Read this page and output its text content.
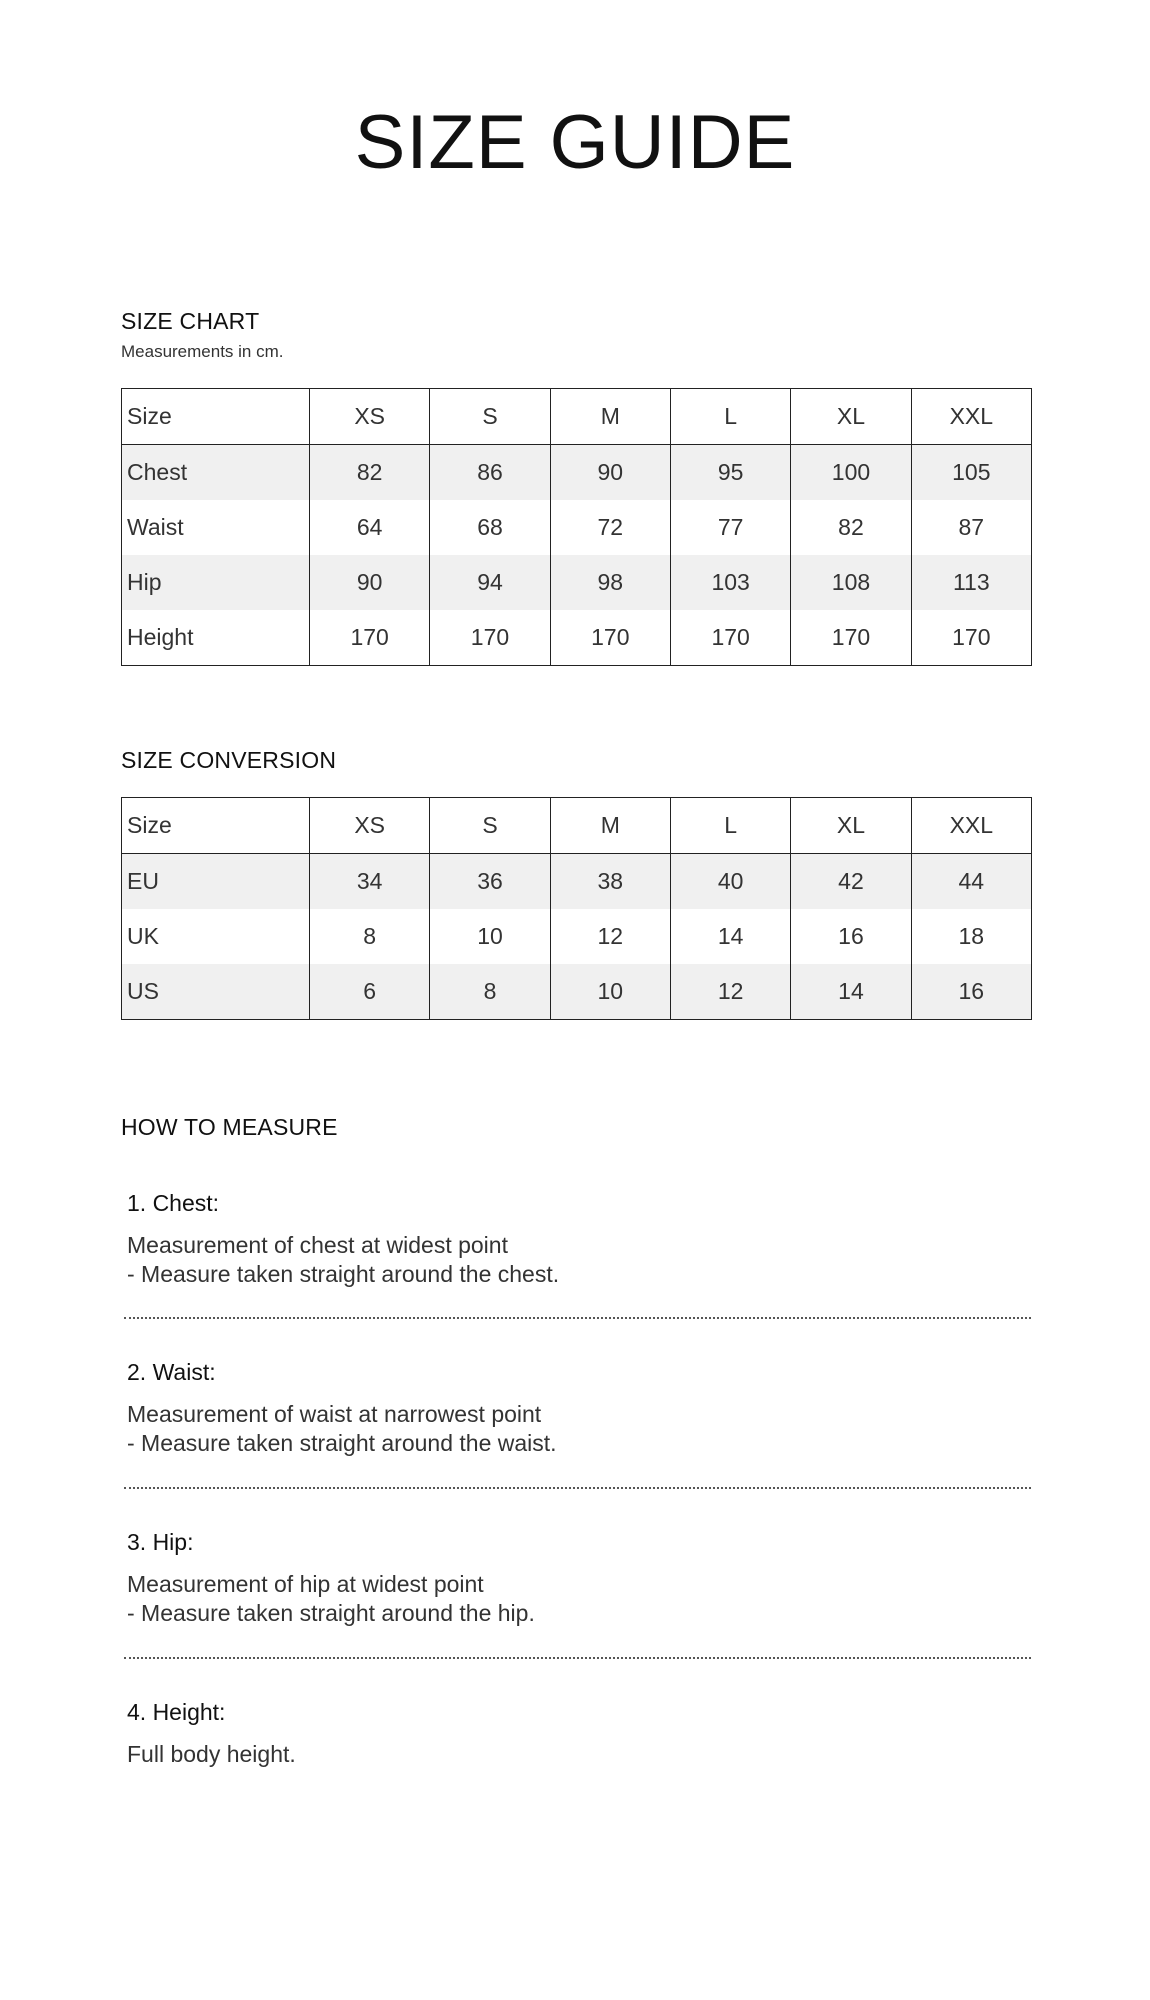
SIZE GUIDE
SIZE CHART
Measurements in cm.
Size	XS	S	M	L	XL	XXL
Chest	82	86	90	95	100	105
Waist	64	68	72	77	82	87
Hip	90	94	98	103	108	113
Height	170	170	170	170	170	170
SIZE CONVERSION
Size	XS	S	M	L	XL	XXL
EU	34	36	38	40	42	44
UK	8	10	12	14	16	18
US	6	8	10	12	14	16
HOW TO MEASURE
1. Chest:
Measurement of chest at widest point
- Measure taken straight around the chest.
2. Waist:
Measurement of waist at narrowest point
- Measure taken straight around the waist.
3. Hip:
Measurement of hip at widest point
- Measure taken straight around the hip.
4. Height:
Full body height.
